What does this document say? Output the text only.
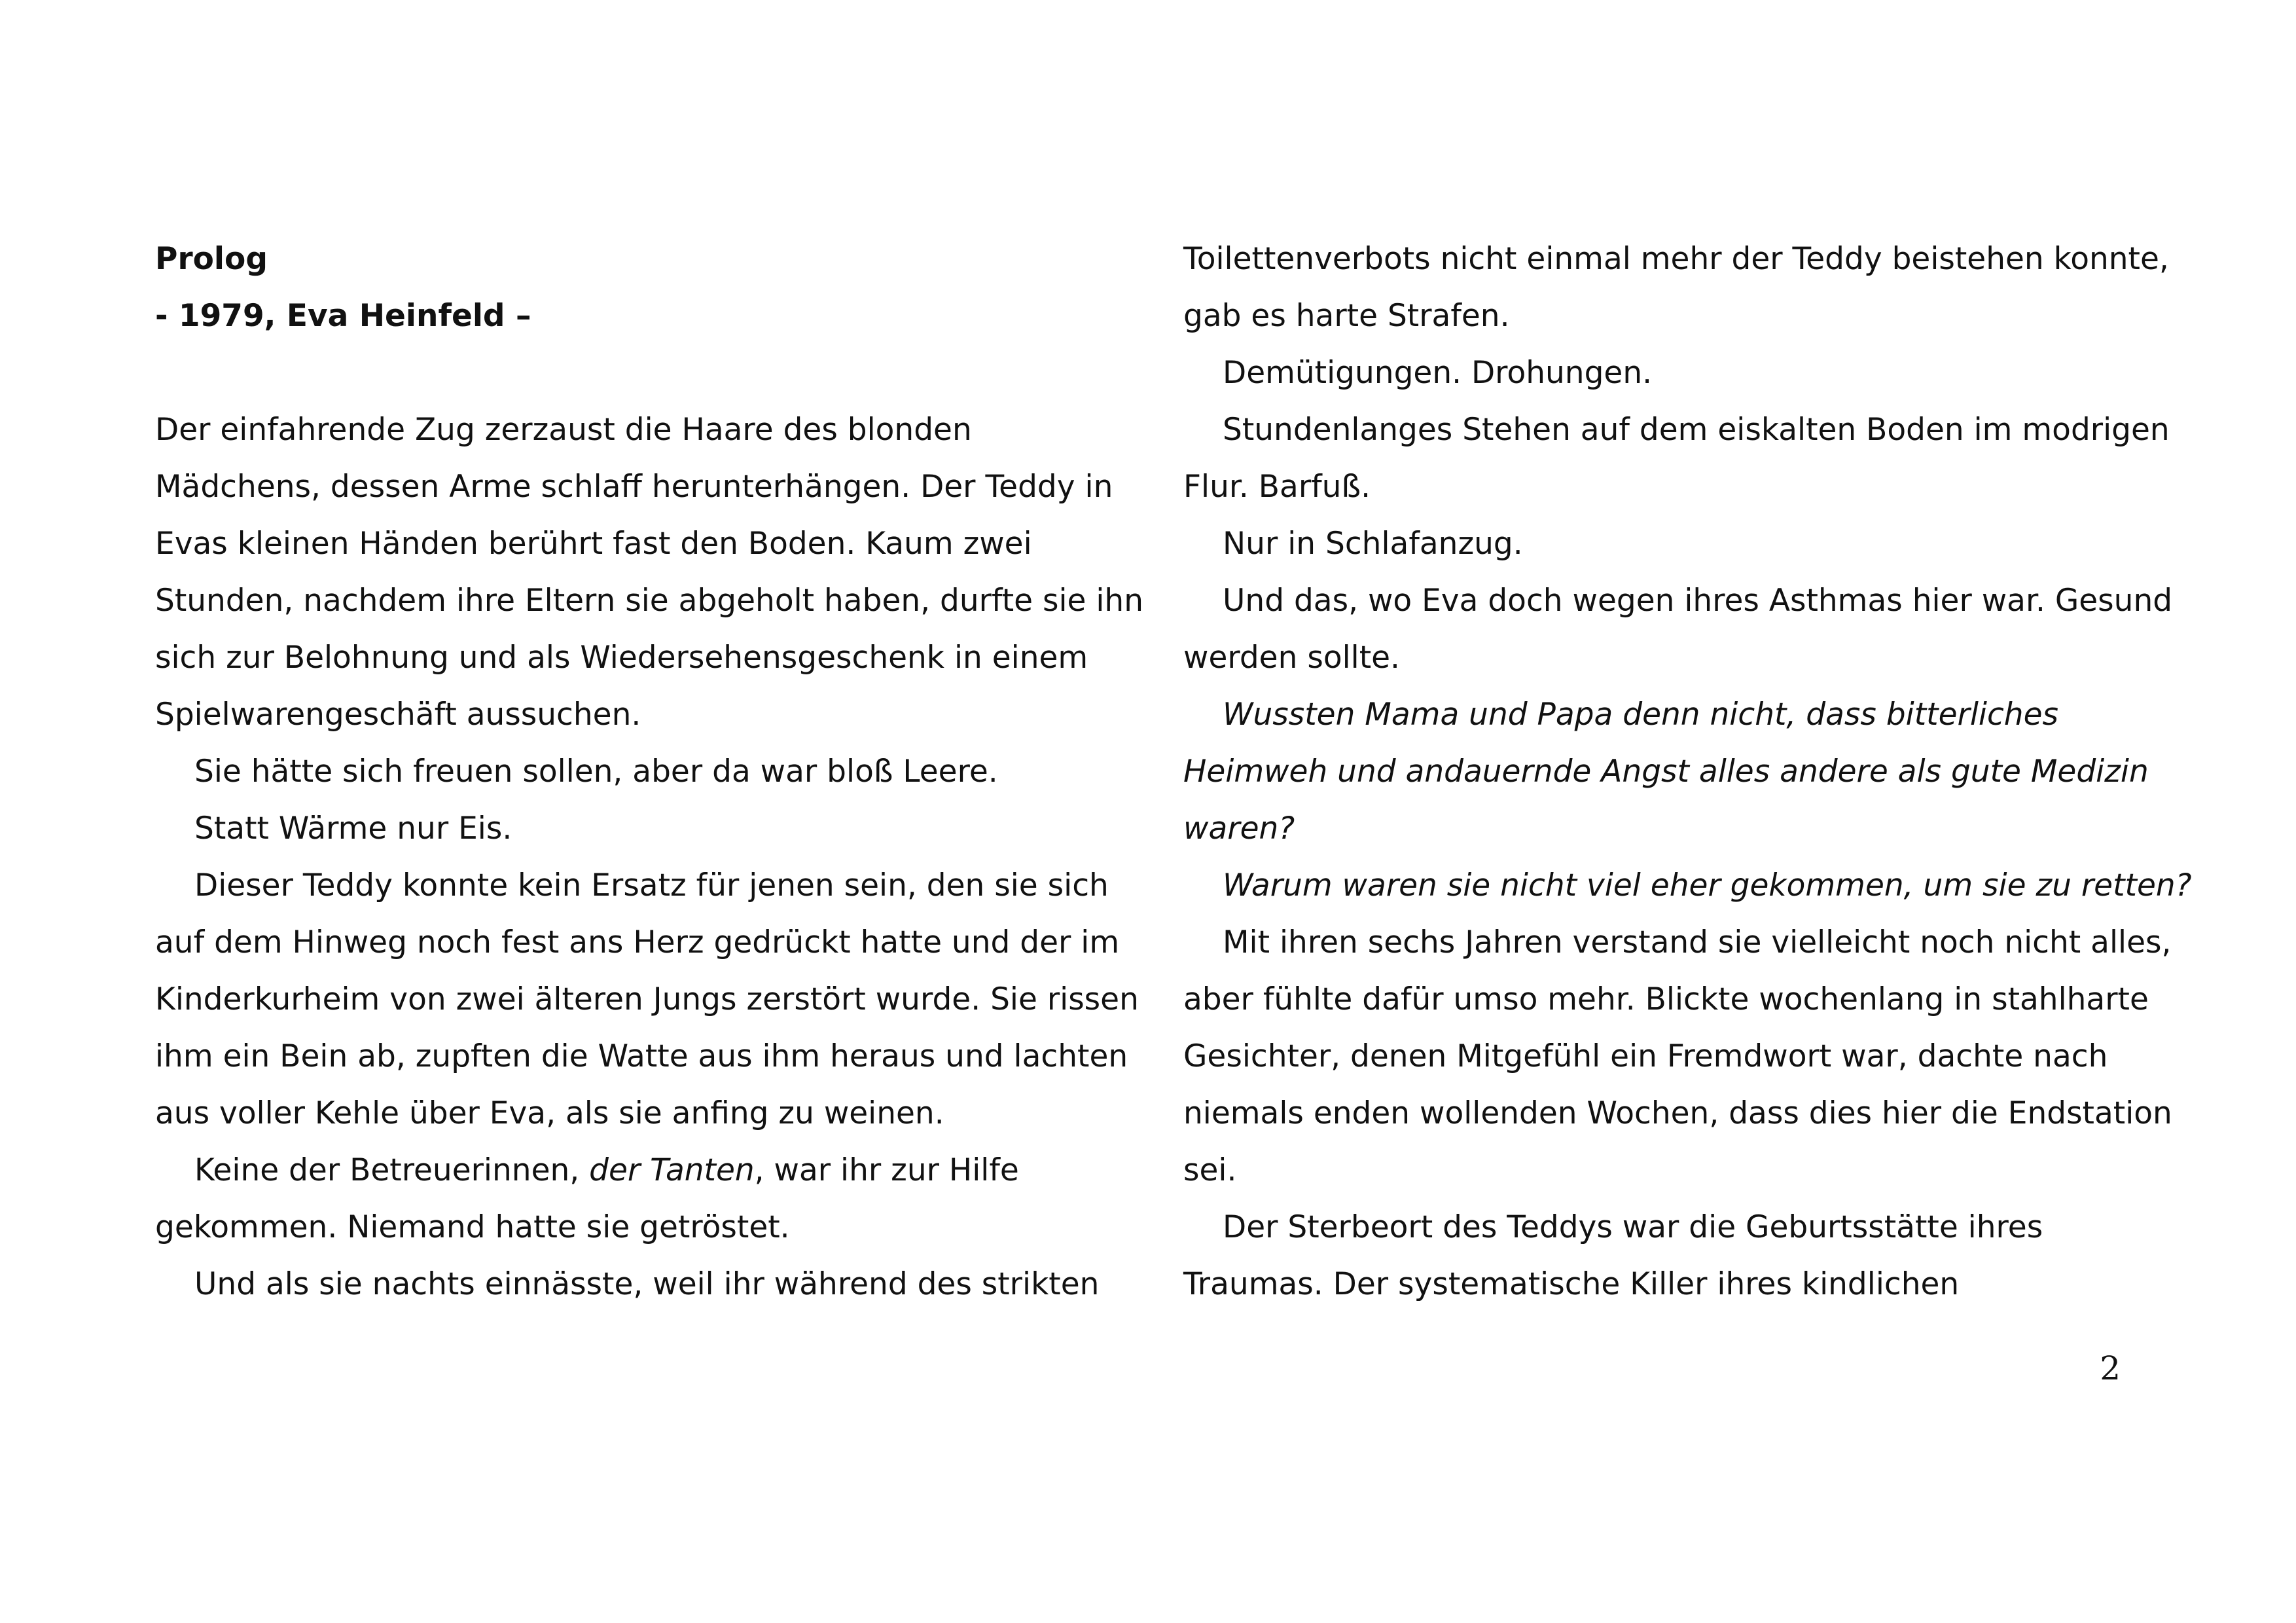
Prolog
- 1979, Eva Heinfeld –
Der einfahrende Zug zerzaust die Haare des blonden
Mädchens, dessen Arme schlaff herunterhängen. Der Teddy in
Evas kleinen Händen berührt fast den Boden. Kaum zwei
Stunden, nachdem ihre Eltern sie abgeholt haben, durfte sie ihn
sich zur Belohnung und als Wiedersehensgeschenk in einem
Spielwarengeschäft aussuchen.
Sie hätte sich freuen sollen, aber da war bloß Leere.
Statt Wärme nur Eis.
Dieser Teddy konnte kein Ersatz für jenen sein, den sie sich
auf dem Hinweg noch fest ans Herz gedrückt hatte und der im
Kinderkurheim von zwei älteren Jungs zerstört wurde. Sie rissen
ihm ein Bein ab, zupften die Watte aus ihm heraus und lachten
aus voller Kehle über Eva, als sie anfing zu weinen.
Keine der Betreuerinnen, der Tanten, war ihr zur Hilfe
gekommen. Niemand hatte sie getröstet.
Und als sie nachts einnässte, weil ihr während des strikten
Toilettenverbots nicht einmal mehr der Teddy beistehen konnte,
gab es harte Strafen.
Demütigungen. Drohungen.
Stundenlanges Stehen auf dem eiskalten Boden im modrigen
Flur. Barfuß.
Nur in Schlafanzug.
Und das, wo Eva doch wegen ihres Asthmas hier war. Gesund
werden sollte.
Wussten Mama und Papa denn nicht, dass bitterliches
Heimweh und andauernde Angst alles andere als gute Medizin
waren?
Warum waren sie nicht viel eher gekommen, um sie zu retten?
Mit ihren sechs Jahren verstand sie vielleicht noch nicht alles,
aber fühlte dafür umso mehr. Blickte wochenlang in stahlharte
Gesichter, denen Mitgefühl ein Fremdwort war, dachte nach
niemals enden wollenden Wochen, dass dies hier die Endstation
sei.
Der Sterbeort des Teddys war die Geburtsstätte ihres
Traumas. Der systematische Killer ihres kindlichen
2
